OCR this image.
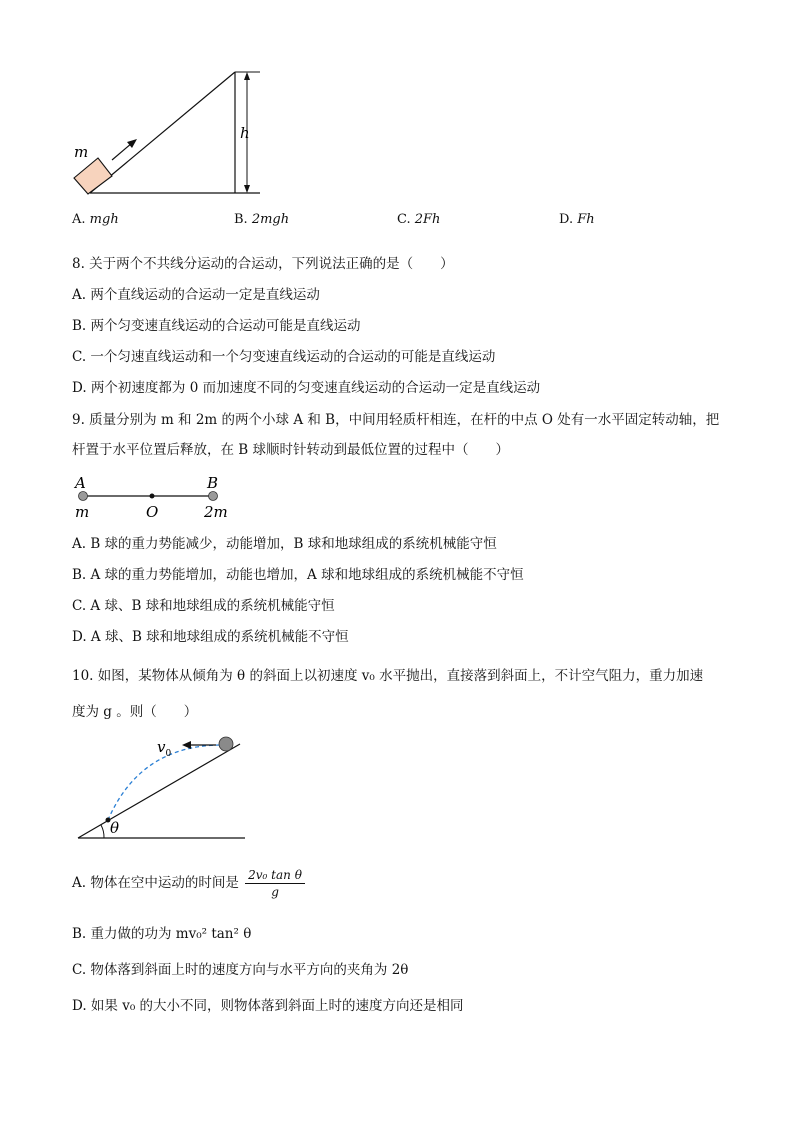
h
m
A. mgh	B. 2mgh	C. 2Fh	D. Fh
8. 关于两个不共线分运动的合运动，下列说法正确的是（　　）
A. 两个直线运动的合运动一定是直线运动
B. 两个匀变速直线运动的合运动可能是直线运动
C. 一个匀速直线运动和一个匀变速直线运动的合运动的可能是直线运动
D. 两个初速度都为 0 而加速度不同的匀变速直线运动的合运动一定是直线运动
9. 质量分别为 m 和 2m 的两个小球 A 和 B，中间用轻质杆相连，在杆的中点 O 处有一水平固定转动轴，把
杆置于水平位置后释放，在 B 球顺时针转动到最低位置的过程中（　　）
A	B
O
m	2m
A. B 球的重力势能减少，动能增加，B 球和地球组成的系统机械能守恒
B. A 球的重力势能增加，动能也增加，A 球和地球组成的系统机械能不守恒
C. A 球、B 球和地球组成的系统机械能守恒
D. A 球、B 球和地球组成的系统机械能不守恒
10. 如图，某物体从倾角为 θ 的斜面上以初速度 v₀ 水平抛出，直接落到斜面上，不计空气阻力，重力加速
度为 g 。则（　　）
θ
$v_0$
A. 物体在空中运动的时间是 $\frac{\text{2v₀ tan θ}}{g}$
B. 重力做的功为 mv₀² tan² θ
C. 物体落到斜面上时的速度方向与水平方向的夹角为 2θ
D. 如果 v₀ 的大小不同，则物体落到斜面上时的速度方向还是相同
